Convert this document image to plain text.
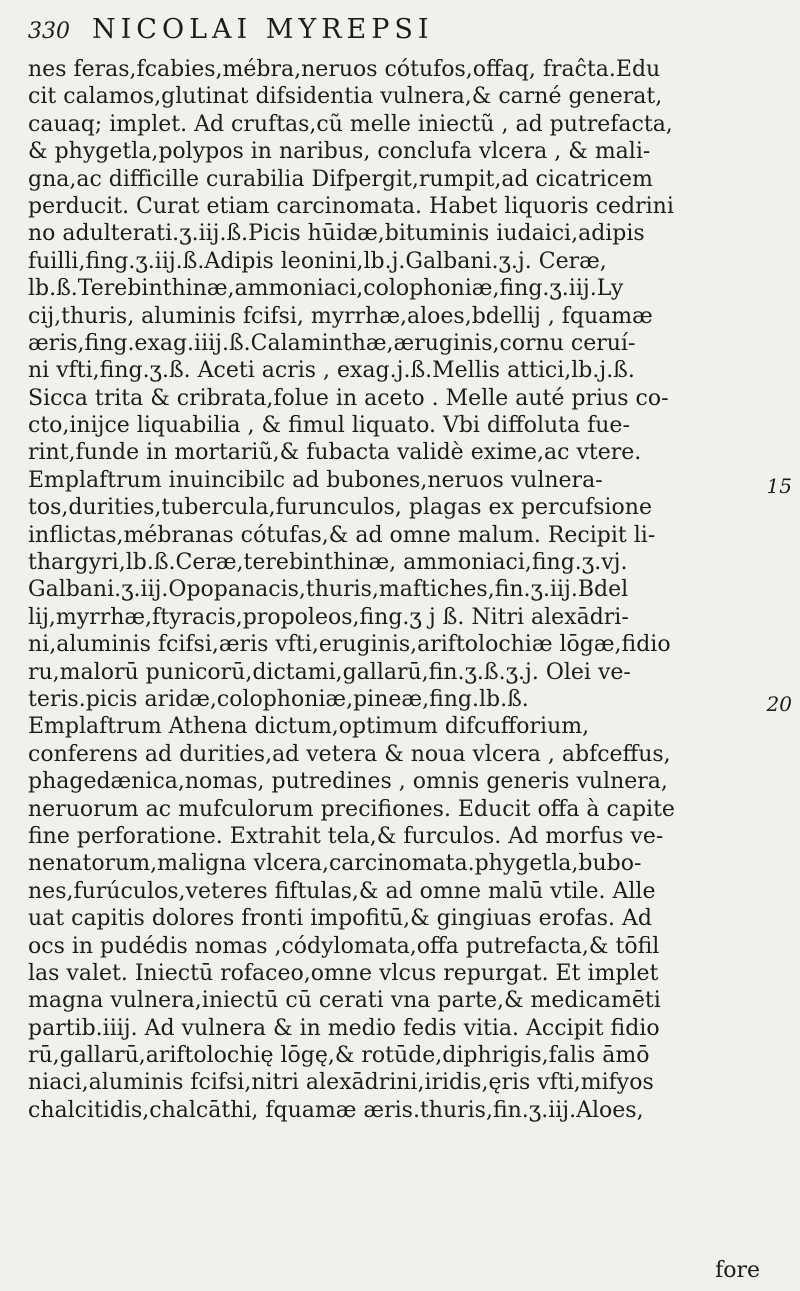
330 NICOLAI MYREPSI
nes feras,fcabies,mébra,neruos cótufos,offaq, fraĉta.Edu
cit calamos,glutinat difsidentia vulnera,& carné generat,
cauaq; implet. Ad cruftas,cũ melle iniectũ , ad putrefacta,
& phygetla,polypos in naribus, conclufa vlcera , & mali-
gna,ac difficille curabilia Difpergit,rumpit,ad cicatricem
perducit. Curat etiam carcinomata. Habet liquoris cedrini
no adulterati.ʒ.iij.ß.Picis hūidæ,bituminis iudaici,adipis
fuilli,fing.ʒ.iij.ß.Adipis leonini,lb.j.Galbani.ʒ.j. Ceræ,
lb.ß.Terebinthinæ,ammoniaci,colophoniæ,fing.ʒ.iij.Ly
cij,thuris, aluminis fcifsi, myrrhæ,aloes,bdellij , fquamæ
æris,fing.exag.iiij.ß.Calaminthæ,æruginis,cornu ceruí-
ni vfti,fing.ʒ.ß. Aceti acris , exag.j.ß.Mellis attici,lb.j.ß.
Sicca trita & cribrata,folue in aceto . Melle auté prius co-
cto,inijce liquabilia , & fimul liquato. Vbi diffoluta fue-
rint,funde in mortariũ,& fubacta validè exime,ac vtere.
Emplaftrum inuincibilc ad bubones,neruos vulnera-
tos,durities,tubercula,furunculos, plagas ex percufsione
inflictas,mébranas cótufas,& ad omne malum. Recipit li-
thargyri,lb.ß.Ceræ,terebinthinæ, ammoniaci,fing.ʒ.vj.
Galbani.ʒ.iij.Opopanacis,thuris,maftiches,fin.ʒ.iij.Bdel
lij,myrrhæ,ftyracis,propoleos,fing.ʒ j ß. Nitri alexādri-
ni,aluminis fcifsi,æris vfti,eruginis,ariftolochiæ lōgæ,fidio
ru,malorū punicorū,dictami,gallarū,fin.ʒ.ß.ʒ.j. Olei ve-
teris.picis aridæ,colophoniæ,pineæ,fing.lb.ß.
Emplaftrum Athena dictum,optimum difcufforium,
conferens ad durities,ad vetera & noua vlcera , abfceffus,
phagedænica,nomas, putredines , omnis generis vulnera,
neruorum ac mufculorum precifiones. Educit offa à capite
fine perforatione. Extrahit tela,& furculos. Ad morfus ve-
nenatorum,maligna vlcera,carcinomata.phygetla,bubo-
nes,furúculos,veteres fiftulas,& ad omne malū vtile. Alle
uat capitis dolores fronti impofitū,& gingiuas erofas. Ad
ocs in pudédis nomas ,códylomata,offa putrefacta,& tōfil
las valet. Iniectū rofaceo,omne vlcus repurgat. Et implet
magna vulnera,iniectū cū cerati vna parte,& medicamēti
partib.iiij. Ad vulnera & in medio fedis vitia. Accipit fidio
rū,gallarū,ariftolochię lōgę,& rotūde,diphrigis,falis āmō
niaci,aluminis fcifsi,nitri alexādrini,iridis,ęris vfti,mifyos
chalcitidis,chalcāthi, fquamæ æris.thuris,fin.ʒ.iij.Aloes,
15
20
fore
